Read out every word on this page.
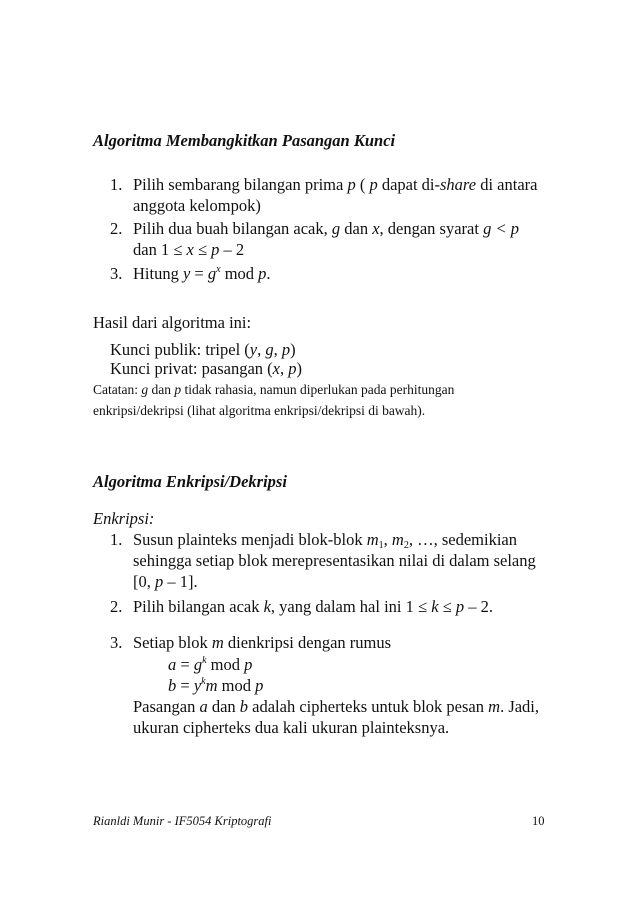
Algoritma Membangkitkan Pasangan Kunci
1. Pilih sembarang bilangan prima p ( p dapat di-share di antara
anggota kelompok)
2. Pilih dua buah bilangan acak, g dan x, dengan syarat g < p
dan 1 ≤ x ≤ p – 2
3. Hitung $y = g^x$ mod p.
Hasil dari algoritma ini:
Kunci publik: tripel (y, g, p)
Kunci privat: pasangan (x, p)
Catatan: g dan p tidak rahasia, namun diperlukan pada perhitungan
enkripsi/dekripsi (lihat algoritma enkripsi/dekripsi di bawah).
Algoritma Enkripsi/Dekripsi
Enkripsi:
1. Susun plainteks menjadi blok-blok $m_1$, $m_2$, …, sedemikian
sehingga setiap blok merepresentasikan nilai di dalam selang
[0, p – 1].
2. Pilih bilangan acak k, yang dalam hal ini 1 ≤ k ≤ p – 2.
3. Setiap blok m dienkripsi dengan rumus
$a = g^k$ mod p
$b = y^km$ mod p
Pasangan a dan b adalah cipherteks untuk blok pesan m. Jadi,
ukuran cipherteks dua kali ukuran plainteksnya.
Rianldi Munir - IF5054 Kriptografi	10
